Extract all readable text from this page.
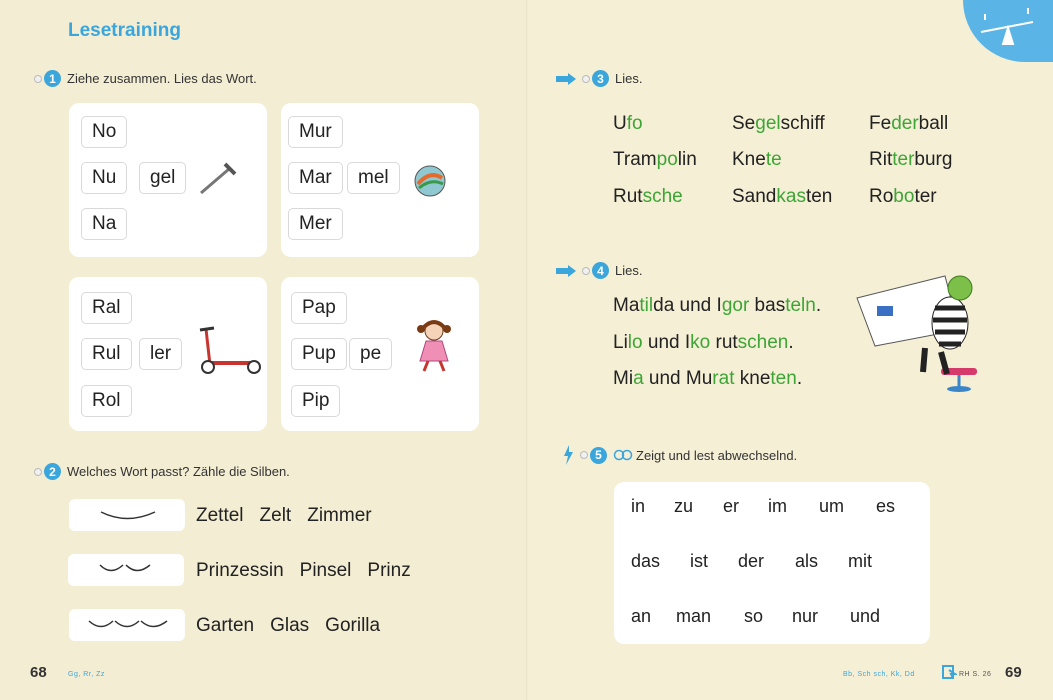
Lesetraining
1 Ziehe zusammen. Lies das Wort.
No
Nu
Na
gel
Mur
Mar
Mer
mel
Ral
Rul
Rol
ler
Pap
Pup
Pip
pe
2 Welches Wort passt? Zähle die Silben.
Zettel Zelt Zimmer
Prinzessin Pinsel Prinz
Garten Glas Gorilla
68	Gg, Rr, Zz
3 Lies.
Ufo	Segelschiff Federball
Trampolin Knete	Ritterburg
Rutsche	Sandkasten Roboter
4 Lies.
Matilda und Igor basteln.
Lilo und Iko rutschen.
Mia und Murat kneten.
5	Zeigt und lest abwechselnd.
in zu er im um es
das ist der als mit
an man so nur und
Bb, Sch sch, Kk, Dd	RH S. 26 69
